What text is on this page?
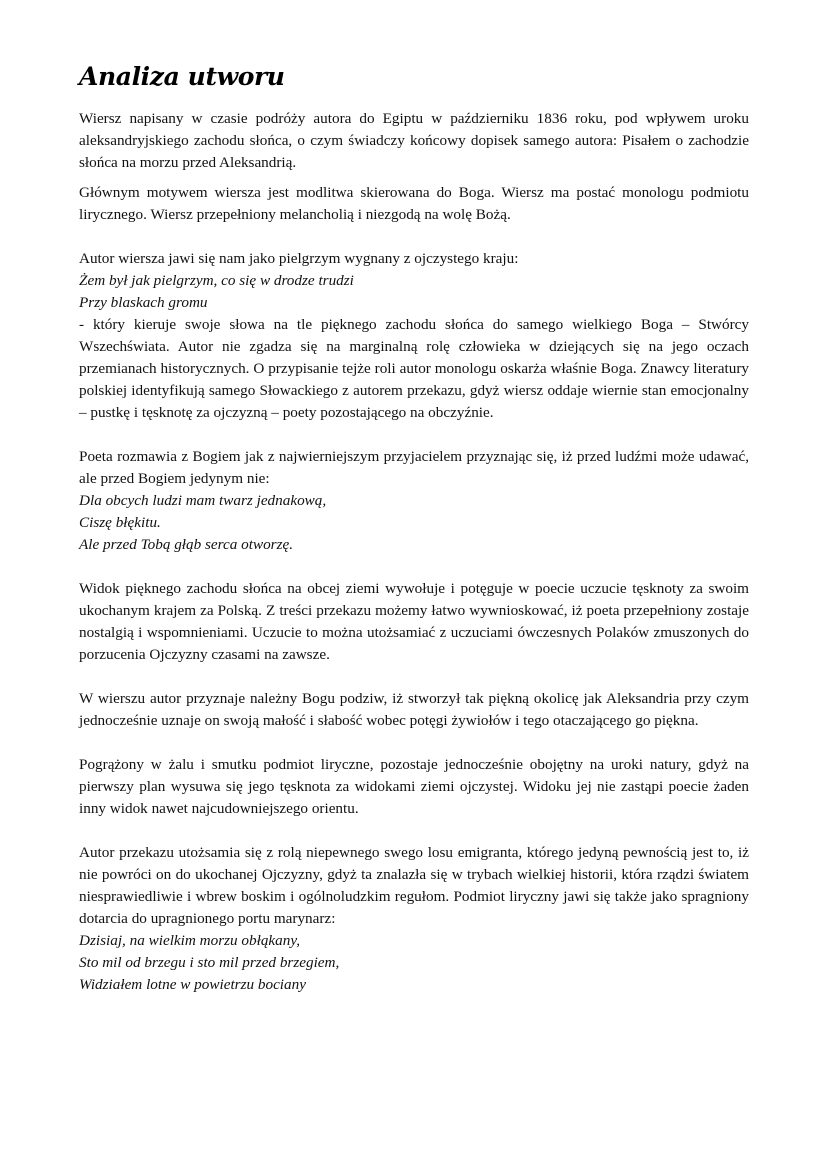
Analiza utworu

Wiersz napisany w czasie podróży autora do Egiptu w październiku 1836 roku, pod wpływem uroku aleksandryjskiego zachodu słońca, o czym świadczy końcowy dopisek samego autora: Pisałem o zachodzie słońca na morzu przed Aleksandrią.

Głównym motywem wiersza jest modlitwa skierowana do Boga. Wiersz ma postać monologu podmiotu lirycznego. Wiersz przepełniony melancholią i niezgodą na wolę Bożą.

Autor wiersza jawi się nam jako pielgrzym wygnany z ojczystego kraju:

Żem był jak pielgrzym, co się w drodze trudzi
Przy blaskach gromu

- który kieruje swoje słowa na tle pięknego zachodu słońca do samego wielkiego Boga – Stwórcy Wszechświata. Autor nie zgadza się na marginalną rolę człowieka w dziejących się na jego oczach przemianach historycznych. O przypisanie tejże roli autor monologu oskarża właśnie Boga. Znawcy literatury polskiej identyfikują samego Słowackiego z autorem przekazu, gdyż wiersz oddaje wiernie stan emocjonalny – pustkę i tęsknotę za ojczyzną – poety pozostającego na obczyźnie.

Poeta rozmawia z Bogiem jak z najwierniejszym przyjacielem przyznając się, iż przed ludźmi może udawać, ale przed Bogiem jedynym nie:

Dla obcych ludzi mam twarz jednakową,
Ciszę błękitu.
Ale przed Tobą głąb serca otworzę.

Widok pięknego zachodu słońca na obcej ziemi wywołuje i potęguje w poecie uczucie tęsknoty za swoim ukochanym krajem za Polską. Z treści przekazu możemy łatwo wywnioskować, iż poeta przepełniony zostaje nostalgią i wspomnieniami. Uczucie to można utożsamiać z uczuciami ówczesnych Polaków zmuszonych do porzucenia Ojczyzny czasami na zawsze.

W wierszu autor przyznaje należny Bogu podziw, iż stworzył tak piękną okolicę jak Aleksandria przy czym jednocześnie uznaje on swoją małość i słabość wobec potęgi żywiołów i tego otaczającego go piękna.

Pogrążony w żalu i smutku podmiot liryczne, pozostaje jednocześnie obojętny na uroki natury, gdyż na pierwszy plan wysuwa się jego tęsknota za widokami ziemi ojczystej. Widoku jej nie zastąpi poecie żaden inny widok nawet najcudowniejszego orientu.

Autor przekazu utożsamia się z rolą niepewnego swego losu emigranta, którego jedyną pewnością jest to, iż nie powróci on do ukochanej Ojczyzny, gdyż ta znalazła się w trybach wielkiej historii, która rządzi światem niesprawiedliwie i wbrew boskim i ogólnoludzkim regułom. Podmiot liryczny jawi się także jako spragniony dotarcia do upragnionego portu marynarz:

Dzisiaj, na wielkim morzu obłąkany,
Sto mil od brzegu i sto mil przed brzegiem,
Widziałem lotne w powietrzu bociany
